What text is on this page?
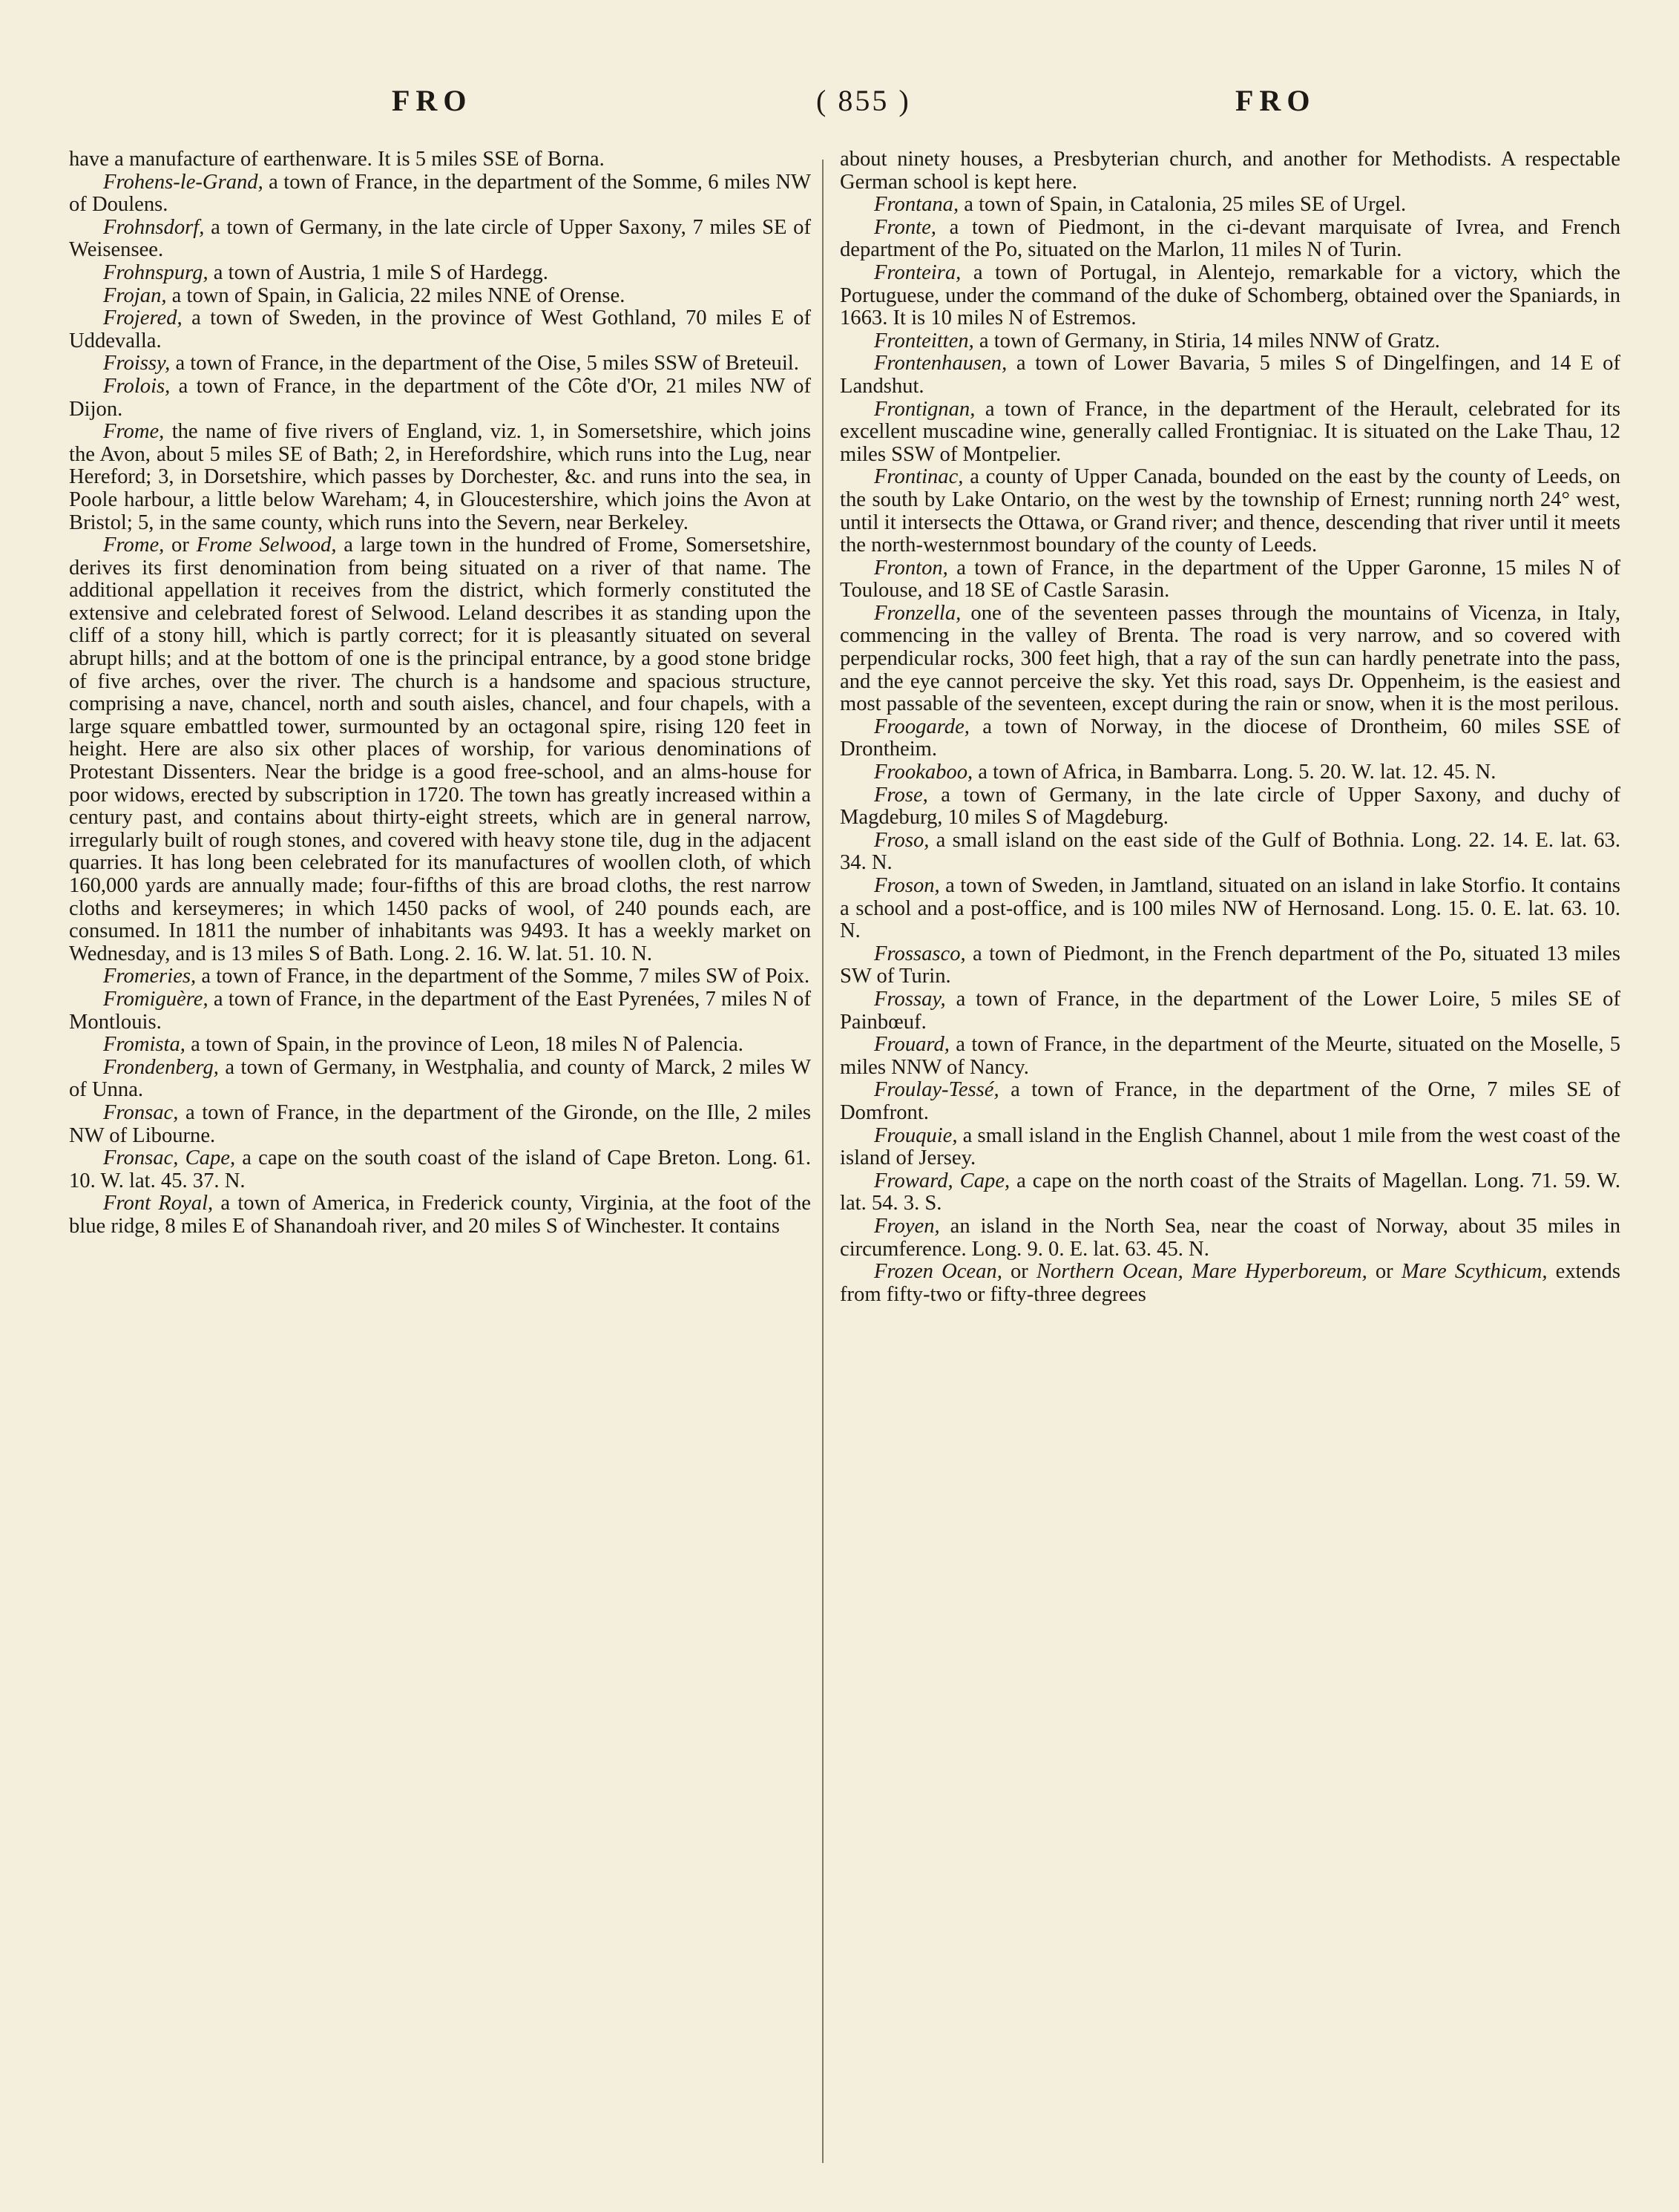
FRO	( 855 )	FRO

have a manufacture of earthenware. It is 5 miles SSE of Borna.

Frohens-le-Grand, a town of France, in the department of the Somme, 6 miles NW of Doulens.

Frohnsdorf, a town of Germany, in the late circle of Upper Saxony, 7 miles SE of Weisensee.

Frohnspurg, a town of Austria, 1 mile S of Hardegg.

Frojan, a town of Spain, in Galicia, 22 miles NNE of Orense.

Frojered, a town of Sweden, in the province of West Gothland, 70 miles E of Uddevalla.

Froissy, a town of France, in the department of the Oise, 5 miles SSW of Breteuil.

Frolois, a town of France, in the department of the Côte d'Or, 21 miles NW of Dijon.

Frome, the name of five rivers of England, viz. 1, in Somersetshire, which joins the Avon, about 5 miles SE of Bath; 2, in Herefordshire, which runs into the Lug, near Hereford; 3, in Dorsetshire, which passes by Dorchester, &c. and runs into the sea, in Poole harbour, a little below Wareham; 4, in Gloucestershire, which joins the Avon at Bristol; 5, in the same county, which runs into the Severn, near Berkeley.

Frome, or Frome Selwood, a large town in the hundred of Frome, Somersetshire, derives its first denomination from being situated on a river of that name. The additional appellation it receives from the district, which formerly constituted the extensive and celebrated forest of Selwood. Leland describes it as standing upon the cliff of a stony hill, which is partly correct; for it is pleasantly situated on several abrupt hills; and at the bottom of one is the principal entrance, by a good stone bridge of five arches, over the river. The church is a handsome and spacious structure, comprising a nave, chancel, north and south aisles, chancel, and four chapels, with a large square embattled tower, surmounted by an octagonal spire, rising 120 feet in height. Here are also six other places of worship, for various denominations of Protestant Dissenters. Near the bridge is a good free-school, and an alms-house for poor widows, erected by subscription in 1720. The town has greatly increased within a century past, and contains about thirty-eight streets, which are in general narrow, irregularly built of rough stones, and covered with heavy stone tile, dug in the adjacent quarries. It has long been celebrated for its manufactures of woollen cloth, of which 160,000 yards are annually made; four-fifths of this are broad cloths, the rest narrow cloths and kerseymeres; in which 1450 packs of wool, of 240 pounds each, are consumed. In 1811 the number of inhabitants was 9493. It has a weekly market on Wednesday, and is 13 miles S of Bath. Long. 2. 16. W. lat. 51. 10. N.

Fromeries, a town of France, in the department of the Somme, 7 miles SW of Poix.

Fromiguère, a town of France, in the department of the East Pyrenées, 7 miles N of Montlouis.

Fromista, a town of Spain, in the province of Leon, 18 miles N of Palencia.

Frondenberg, a town of Germany, in Westphalia, and county of Marck, 2 miles W of Unna.

Fronsac, a town of France, in the department of the Gironde, on the Ille, 2 miles NW of Libourne.

Fronsac, Cape, a cape on the south coast of the island of Cape Breton. Long. 61. 10. W. lat. 45. 37. N.

Front Royal, a town of America, in Frederick county, Virginia, at the foot of the blue ridge, 8 miles E of Shanandoah river, and 20 miles S of Winchester. It contains

about ninety houses, a Presbyterian church, and another for Methodists. A respectable German school is kept here.

Frontana, a town of Spain, in Catalonia, 25 miles SE of Urgel.

Fronte, a town of Piedmont, in the ci-devant marquisate of Ivrea, and French department of the Po, situated on the Marlon, 11 miles N of Turin.

Fronteira, a town of Portugal, in Alentejo, remarkable for a victory, which the Portuguese, under the command of the duke of Schomberg, obtained over the Spaniards, in 1663. It is 10 miles N of Estremos.

Fronteitten, a town of Germany, in Stiria, 14 miles NNW of Gratz.

Frontenhausen, a town of Lower Bavaria, 5 miles S of Dingelfingen, and 14 E of Landshut.

Frontignan, a town of France, in the department of the Herault, celebrated for its excellent muscadine wine, generally called Frontigniac. It is situated on the Lake Thau, 12 miles SSW of Montpelier.

Frontinac, a county of Upper Canada, bounded on the east by the county of Leeds, on the south by Lake Ontario, on the west by the township of Ernest; running north 24° west, until it intersects the Ottawa, or Grand river; and thence, descending that river until it meets the north-westernmost boundary of the county of Leeds.

Fronton, a town of France, in the department of the Upper Garonne, 15 miles N of Toulouse, and 18 SE of Castle Sarasin.

Fronzella, one of the seventeen passes through the mountains of Vicenza, in Italy, commencing in the valley of Brenta. The road is very narrow, and so covered with perpendicular rocks, 300 feet high, that a ray of the sun can hardly penetrate into the pass, and the eye cannot perceive the sky. Yet this road, says Dr. Oppenheim, is the easiest and most passable of the seventeen, except during the rain or snow, when it is the most perilous.

Froogarde, a town of Norway, in the diocese of Drontheim, 60 miles SSE of Drontheim.

Frookaboo, a town of Africa, in Bambarra. Long. 5. 20. W. lat. 12. 45. N.

Frose, a town of Germany, in the late circle of Upper Saxony, and duchy of Magdeburg, 10 miles S of Magdeburg.

Froso, a small island on the east side of the Gulf of Bothnia. Long. 22. 14. E. lat. 63. 34. N.

Froson, a town of Sweden, in Jamtland, situated on an island in lake Storfio. It contains a school and a post-office, and is 100 miles NW of Hernosand. Long. 15. 0. E. lat. 63. 10. N.

Frossasco, a town of Piedmont, in the French department of the Po, situated 13 miles SW of Turin.

Frossay, a town of France, in the department of the Lower Loire, 5 miles SE of Painbœuf.

Frouard, a town of France, in the department of the Meurte, situated on the Moselle, 5 miles NNW of Nancy.

Froulay-Tessé, a town of France, in the department of the Orne, 7 miles SE of Domfront.

Frouquie, a small island in the English Channel, about 1 mile from the west coast of the island of Jersey.

Froward, Cape, a cape on the north coast of the Straits of Magellan. Long. 71. 59. W. lat. 54. 3. S.

Froyen, an island in the North Sea, near the coast of Norway, about 35 miles in circumference. Long. 9. 0. E. lat. 63. 45. N.

Frozen Ocean, or Northern Ocean, Mare Hyperboreum, or Mare Scythicum, extends from fifty-two or fifty-three degrees
